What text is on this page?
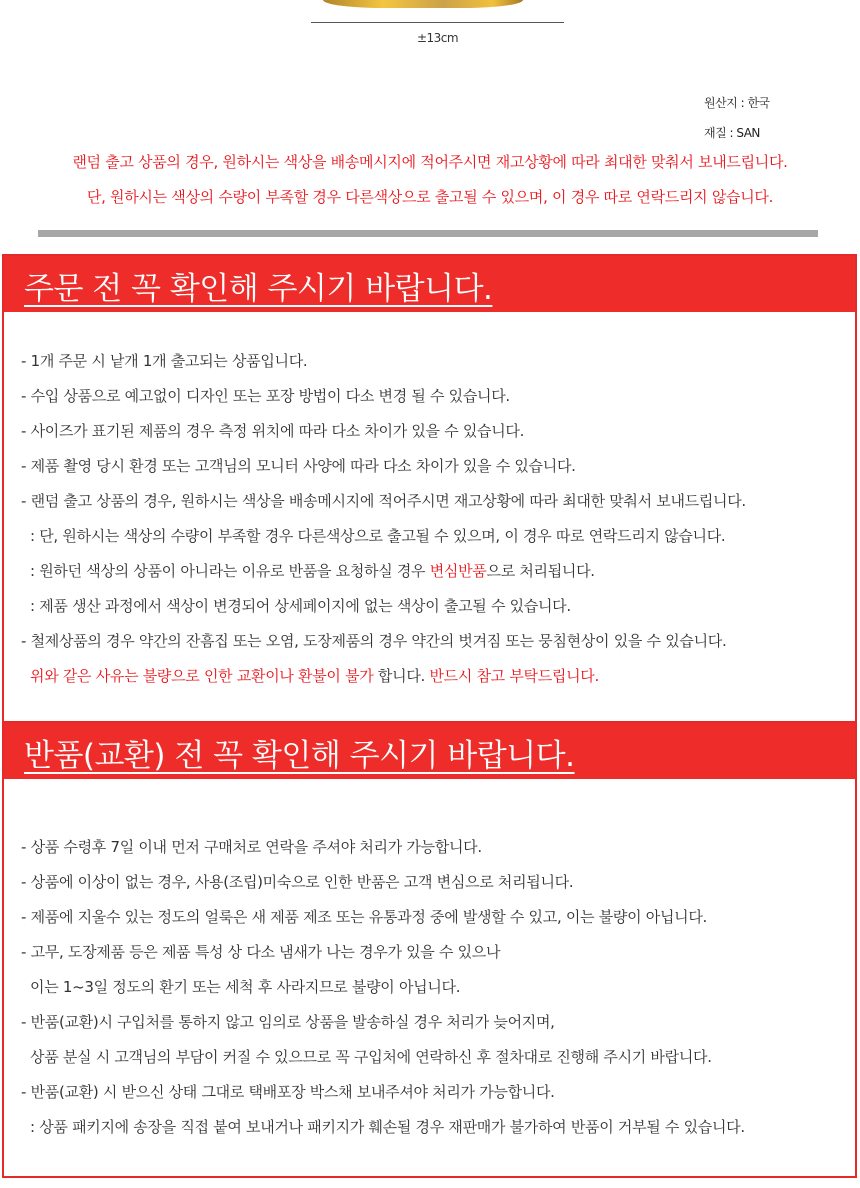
±13cm
원산지 : 한국
재질 : SAN
랜덤 출고 상품의 경우, 원하시는 색상을 배송메시지에 적어주시면 재고상황에 따라 최대한 맞춰서 보내드립니다.
단, 원하시는 색상의 수량이 부족할 경우 다른색상으로 출고될 수 있으며, 이 경우 따로 연락드리지 않습니다.
주문 전 꼭 확인해 주시기 바랍니다.
- 1개 주문 시 낱개 1개 출고되는 상품입니다.
- 수입 상품으로 예고없이 디자인 또는 포장 방법이 다소 변경 될 수 있습니다.
- 사이즈가 표기된 제품의 경우 측정 위치에 따라 다소 차이가 있을 수 있습니다.
- 제품 촬영 당시 환경 또는 고객님의 모니터 사양에 따라 다소 차이가 있을 수 있습니다.
- 랜덤 출고 상품의 경우, 원하시는 색상을 배송메시지에 적어주시면 재고상황에 따라 최대한 맞춰서 보내드립니다.
: 단, 원하시는 색상의 수량이 부족할 경우 다른색상으로 출고될 수 있으며, 이 경우 따로 연락드리지 않습니다.
: 원하던 색상의 상품이 아니라는 이유로 반품을 요청하실 경우 변심반품으로 처리됩니다.
: 제품 생산 과정에서 색상이 변경되어 상세페이지에 없는 색상이 출고될 수 있습니다.
- 철제상품의 경우 약간의 잔흠집 또는 오염, 도장제품의 경우 약간의 벗겨짐 또는 뭉침현상이 있을 수 있습니다.
위와 같은 사유는 불량으로 인한 교환이나 환불이 불가 합니다. 반드시 참고 부탁드립니다.
반품(교환) 전 꼭 확인해 주시기 바랍니다.
- 상품 수령후 7일 이내 먼저 구매처로 연락을 주셔야 처리가 가능합니다.
- 상품에 이상이 없는 경우, 사용(조립)미숙으로 인한 반품은 고객 변심으로 처리됩니다.
- 제품에 지울수 있는 정도의 얼룩은 새 제품 제조 또는 유통과정 중에 발생할 수 있고, 이는 불량이 아닙니다.
- 고무, 도장제품 등은 제품 특성 상 다소 냄새가 나는 경우가 있을 수 있으나
이는 1~3일 정도의 환기 또는 세척 후 사라지므로 불량이 아닙니다.
- 반품(교환)시 구입처를 통하지 않고 임의로 상품을 발송하실 경우 처리가 늦어지며,
상품 분실 시 고객님의 부담이 커질 수 있으므로 꼭 구입처에 연락하신 후 절차대로 진행해 주시기 바랍니다.
- 반품(교환) 시 받으신 상태 그대로 택배포장 박스채 보내주셔야 처리가 가능합니다.
: 상품 패키지에 송장을 직접 붙여 보내거나 패키지가 훼손될 경우 재판매가 불가하여 반품이 거부될 수 있습니다.
